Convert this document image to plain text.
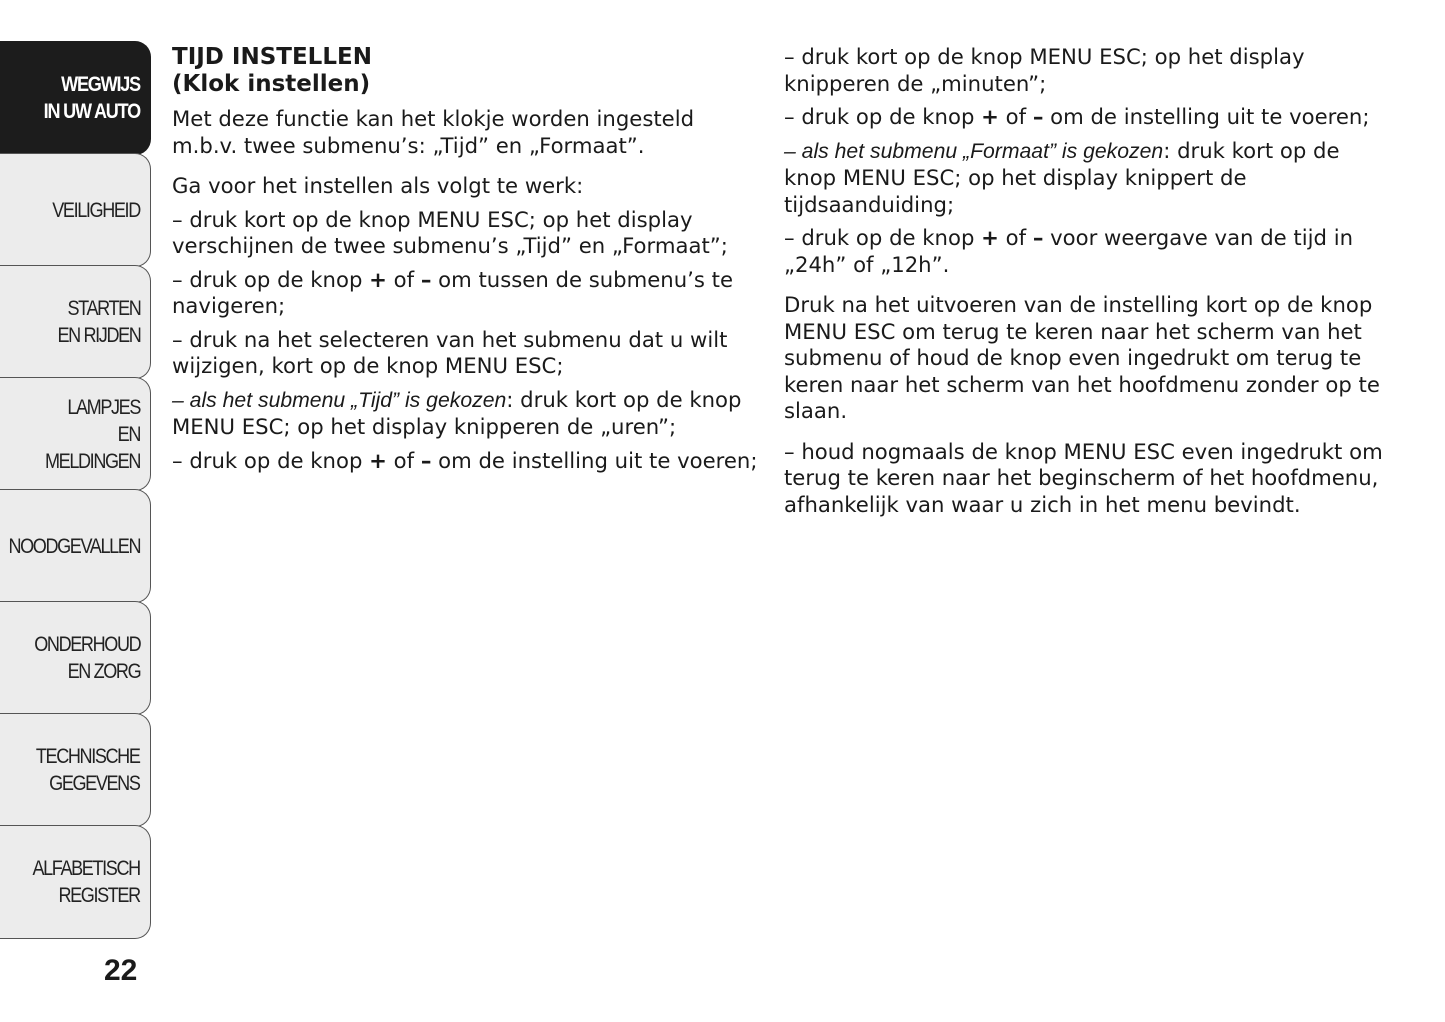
WEGWIJS
IN UW AUTO
VEILIGHEID
STARTEN
EN RIJDEN
LAMPJES
EN MELDINGEN
NOODGEVALLEN
ONDERHOUD
EN ZORG
TECHNISCHE
GEGEVENS
ALFABETISCH
REGISTER
22
TIJD INSTELLEN
(Klok instellen)

Met deze functie kan het klokje worden ingesteld m.b.v. twee submenu’s: „Tijd” en „Formaat”.

Ga voor het instellen als volgt te werk:

– druk kort op de knop MENU ESC; op het display verschijnen de twee submenu’s „Tijd” en „Formaat”;

– druk op de knop + of – om tussen de submenu’s te navigeren;

– druk na het selecteren van het submenu dat u wilt wijzigen, kort op de knop MENU ESC;

– als het submenu „Tijd” is gekozen: druk kort op de knop MENU ESC; op het display knipperen de „uren”;

– druk op de knop + of – om de instelling uit te voeren;

– druk kort op de knop MENU ESC; op het display knipperen de „minuten”;

– druk op de knop + of – om de instelling uit te voeren;

– als het submenu „Formaat” is gekozen: druk kort op de knop MENU ESC; op het display knippert de tijdsaanduiding;

– druk op de knop + of – voor weergave van de tijd in „24h” of „12h”.

Druk na het uitvoeren van de instelling kort op de knop MENU ESC om terug te keren naar het scherm van het submenu of houd de knop even ingedrukt om terug te keren naar het scherm van het hoofdmenu zonder op te slaan.

– houd nogmaals de knop MENU ESC even ingedrukt om terug te keren naar het beginscherm of het hoofdmenu, afhankelijk van waar u zich in het menu bevindt.
